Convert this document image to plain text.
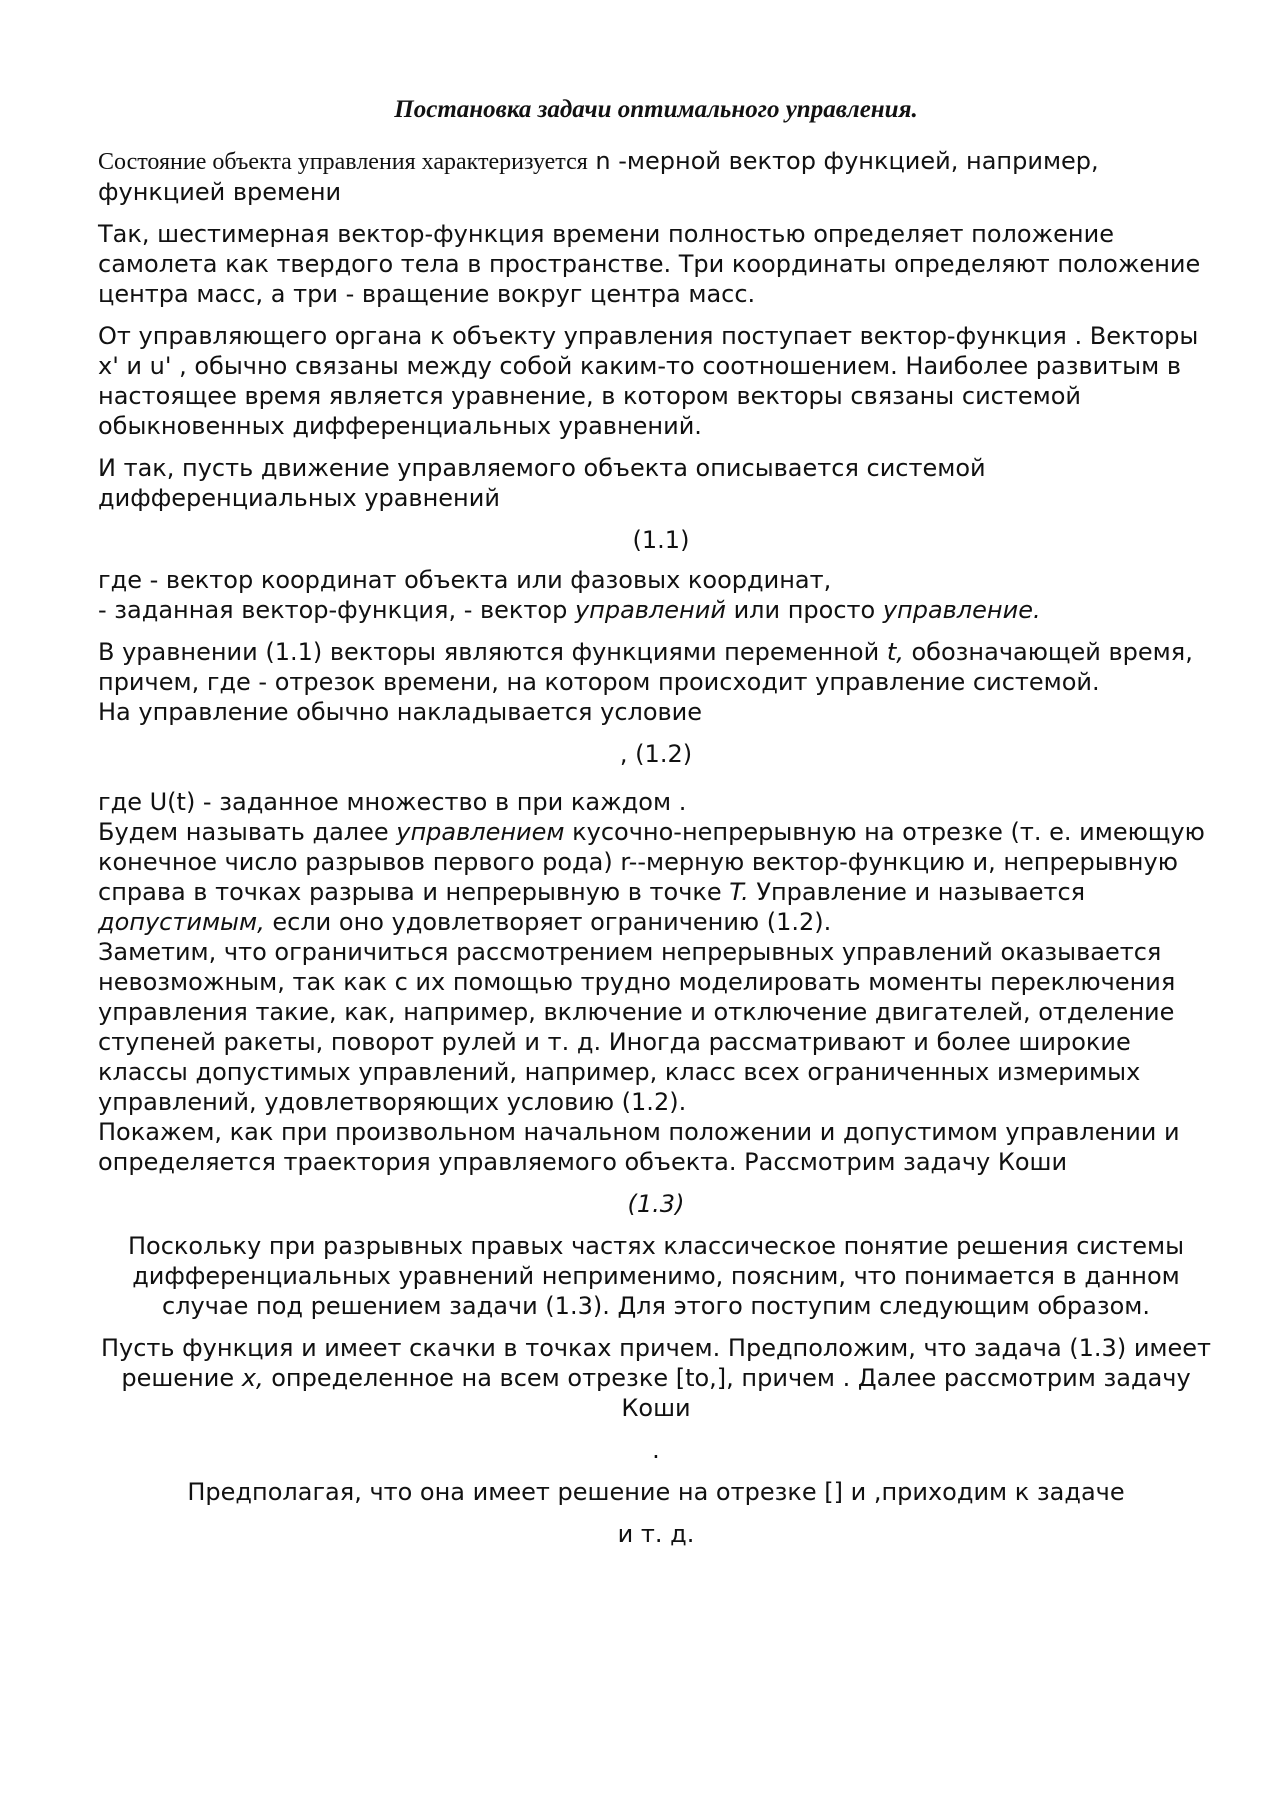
Постановка задачи оптимального управления.

Состояние объекта управления характеризуется n -мерной вектор функцией, например,
функцией времени

Так, шестимерная вектор-функция времени полностью определяет положение самолета как твердого тела в пространстве. Три координаты определяют положение центра масс, а три - вращение вокруг центра масс.

От управляющего органа к объекту управления поступает вектор-функция . Векторы x' и u' , обычно связаны между собой каким-то соотношением. Наиболее развитым в настоящее время является уравнение, в котором векторы связаны системой обыкновенных дифференциальных уравнений.

И так, пусть движение управляемого объекта описывается системой дифференциальных уравнений

(1.1)

где - вектор координат объекта или фазовых координат,
- заданная вектор-функция, - вектор управлений или просто управление.

В уравнении (1.1) векторы являются функциями переменной t, обозначающей время, причем, где - отрезок времени, на котором происходит управление системой.

На управление обычно накладывается условие

, (1.2)

где U(t) - заданное множество в при каждом .

Будем называть далее управлением кусочно-непрерывную на отрезке (т. е. имеющую конечное число разрывов первого рода) r--мерную вектор-функцию и, непрерывную справа в точках разрыва и непрерывную в точке T. Управление и называется допустимым, если оно удовлетворяет ограничению (1.2).

Заметим, что ограничиться рассмотрением непрерывных управлений оказывается невозможным, так как с их помощью трудно моделировать моменты переключения управления такие, как, например, включение и отключение двигателей, отделение ступеней ракеты, поворот рулей и т. д. Иногда рассматривают и более широкие классы допустимых управлений, например, класс всех ограниченных измеримых управлений, удовлетворяющих условию (1.2).

Покажем, как при произвольном начальном положении и допустимом управлении и определяется траектория управляемого объекта. Рассмотрим задачу Коши

(1.3)

Поскольку при разрывных правых частях классическое понятие решения системы дифференциальных уравнений неприменимо, поясним, что понимается в данном случае под решением задачи (1.3). Для этого поступим следующим образом.

Пусть функция и имеет скачки в точках причем. Предположим, что задача (1.3) имеет решение x, определенное на всем отрезке [to,], причем . Далее рассмотрим задачу Коши

.

Предполагая, что она имеет решение на отрезке [] и ,приходим к задаче

и т. д.
